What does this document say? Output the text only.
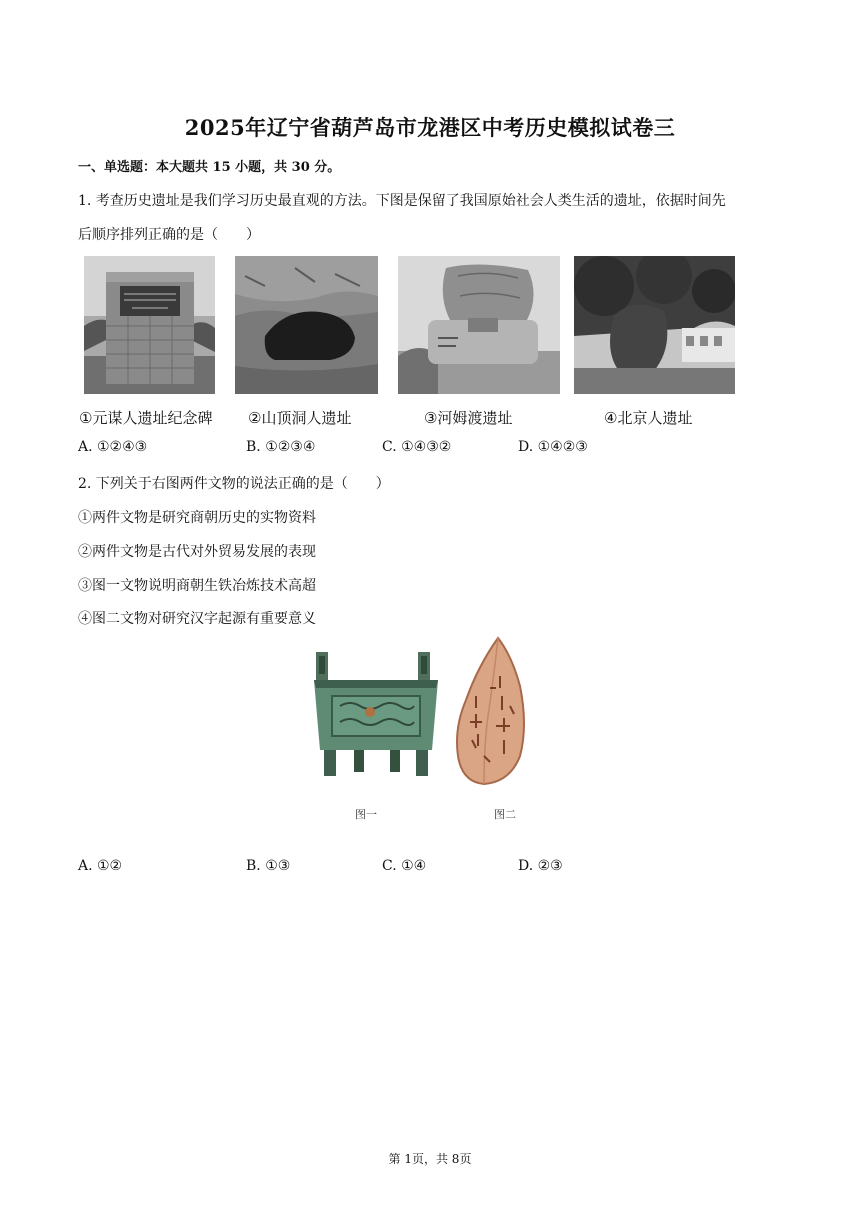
2025年辽宁省葫芦岛市龙港区中考历史模拟试卷三
一、单选题：本大题共 15 小题，共 30 分。
1. 考查历史遗址是我们学习历史最直观的方法。下图是保留了我国原始社会人类生活的遗址，依据时间先
后顺序排列正确的是（　　）
①元谋人遗址纪念碑 ②山顶洞人遗址	③河姆渡遗址	④北京人遗址
A. ①②④③	B. ①②③④	C. ①④③②	D. ①④②③
2. 下列关于右图两件文物的说法正确的是（　　）
①两件文物是研究商朝历史的实物资料
②两件文物是古代对外贸易发展的表现
③图一文物说明商朝生铁冶炼技术高超
④图二文物对研究汉字起源有重要意义
图一	图二
A. ①②	B. ①③	C. ①④	D. ②③
第 1页，共 8页
